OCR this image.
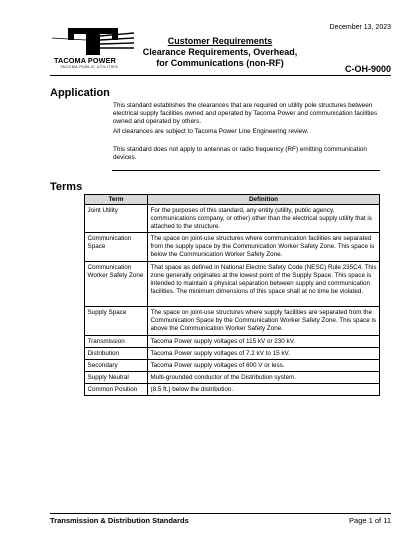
December 13, 2023
TACOMA POWER
TACOMA PUBLIC UTILITIES
Customer Requirements
Clearance Requirements, Overhead,
for Communications (non-RF)
C-OH-9000
Application
This standard establishes the clearances that are required on utility pole structures between electrical supply facilities owned and operated by Tacoma Power and communication facilities owned and operated by others.
All clearances are subject to Tacoma Power Line Engineering review.
This standard does not apply to antennas or radio frequency (RF) emitting communication devices.
Terms
Term	Definition
Joint Utility	For the purposes of this standard, any entity (utility, public agency, communications company, or other) other than the electrical supply utility that is attached to the structure.
Communication Space	The space on joint-use structures where communication facilities are separated from the supply space by the Communication Worker Safety Zone. This space is below the Communication Worker Safety Zone.
Communication Worker Safety Zone	That space as defined in National Electric Safety Code (NESC) Rule 235C4. This zone generally originates at the lowest point of the Supply Space. This space is intended to maintain a physical separation between supply and communication facilities. The minimum dimensions of this space shall at no time be violated.
Supply Space	The space on joint-use structures where supply facilities are separated from the Communication Space by the Communication Worker Safety Zone. This space is above the Communication Worker Safety Zone.
Transmission	Tacoma Power supply voltages of 115 kV or 230 kV.
Distribution	Tacoma Power supply voltages of 7.2 kV to 15 kV.
Secondary	Tacoma Power supply voltages of 600 V or less.
Supply Neutral	Multi-grounded conductor of the Distribution system.
Common Position	(8.5 ft.) below the distribution.
Transmission & Distribution Standards	Page 1 of 11
